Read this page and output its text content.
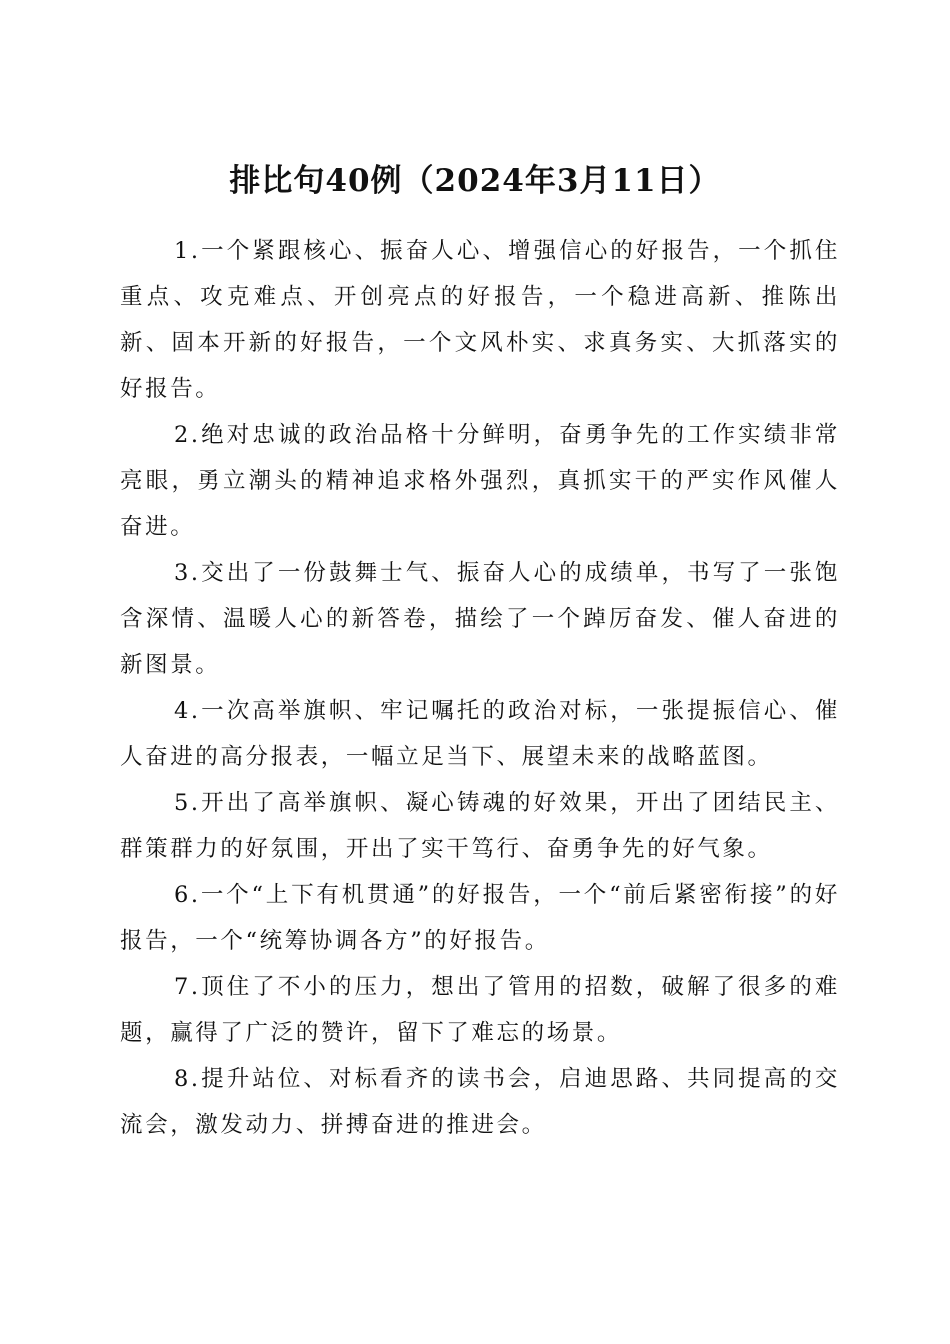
排比句40例（2024年3月11日）

1.一个紧跟核心、振奋人心、增强信心的好报告，一个抓住重点、攻克难点、开创亮点的好报告，一个稳进高新、推陈出新、固本开新的好报告，一个文风朴实、求真务实、大抓落实的好报告。

2.绝对忠诚的政治品格十分鲜明，奋勇争先的工作实绩非常亮眼，勇立潮头的精神追求格外强烈，真抓实干的严实作风催人奋进。

3.交出了一份鼓舞士气、振奋人心的成绩单，书写了一张饱含深情、温暖人心的新答卷，描绘了一个踔厉奋发、催人奋进的新图景。

4.一次高举旗帜、牢记嘱托的政治对标，一张提振信心、催人奋进的高分报表，一幅立足当下、展望未来的战略蓝图。

5.开出了高举旗帜、凝心铸魂的好效果，开出了团结民主、群策群力的好氛围，开出了实干笃行、奋勇争先的好气象。

6.一个“上下有机贯通”的好报告，一个“前后紧密衔接”的好报告，一个“统筹协调各方”的好报告。

7.顶住了不小的压力，想出了管用的招数，破解了很多的难题，赢得了广泛的赞许，留下了难忘的场景。

8.提升站位、对标看齐的读书会，启迪思路、共同提高的交流会，激发动力、拼搏奋进的推进会。
